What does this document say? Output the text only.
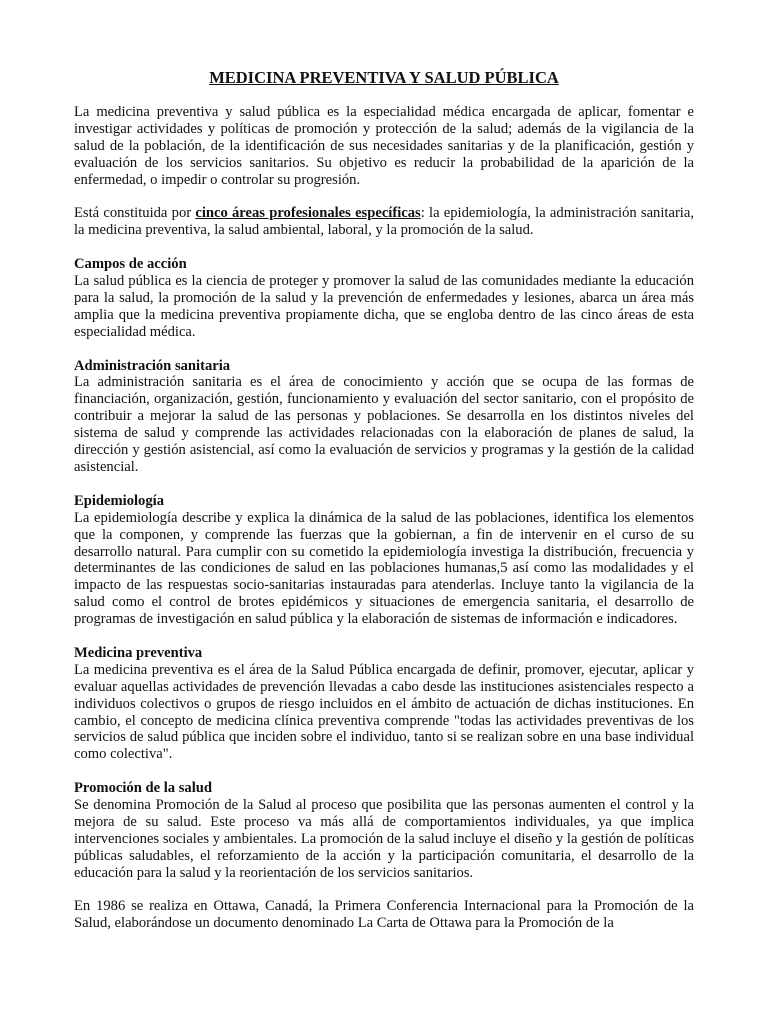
MEDICINA PREVENTIVA Y SALUD PÚBLICA

La medicina preventiva y salud pública es la especialidad médica encargada de aplicar, fomentar e investigar actividades y políticas de promoción y protección de la salud; además de la vigilancia de la salud de la población, de la identificación de sus necesidades sanitarias y de la planificación, gestión y evaluación de los servicios sanitarios. Su objetivo es reducir la probabilidad de la aparición de la enfermedad, o impedir o controlar su progresión.

Está constituida por cinco áreas profesionales específicas: la epidemiología, la administración sanitaria, la medicina preventiva, la salud ambiental, laboral, y la promoción de la salud.

Campos de acción

La salud pública es la ciencia de proteger y promover la salud de las comunidades mediante la educación para la salud, la promoción de la salud y la prevención de enfermedades y lesiones, abarca un área más amplia que la medicina preventiva propiamente dicha, que se engloba dentro de las cinco áreas de esta especialidad médica.

Administración sanitaria

La administración sanitaria es el área de conocimiento y acción que se ocupa de las formas de financiación, organización, gestión, funcionamiento y evaluación del sector sanitario, con el propósito de contribuir a mejorar la salud de las personas y poblaciones. Se desarrolla en los distintos niveles del sistema de salud y comprende las actividades relacionadas con la elaboración de planes de salud, la dirección y gestión asistencial, así como la evaluación de servicios y programas y la gestión de la calidad asistencial.

Epidemiología

La epidemiología describe y explica la dinámica de la salud de las poblaciones, identifica los elementos que la componen, y comprende las fuerzas que la gobiernan, a fin de intervenir en el curso de su desarrollo natural. Para cumplir con su cometido la epidemiología investiga la distribución, frecuencia y determinantes de las condiciones de salud en las poblaciones humanas,5 así como las modalidades y el impacto de las respuestas socio-sanitarias instauradas para atenderlas. Incluye tanto la vigilancia de la salud como el control de brotes epidémicos y situaciones de emergencia sanitaria, el desarrollo de programas de investigación en salud pública y la elaboración de sistemas de información e indicadores.

Medicina preventiva

La medicina preventiva es el área de la Salud Pública encargada de definir, promover, ejecutar, aplicar y evaluar aquellas actividades de prevención llevadas a cabo desde las instituciones asistenciales respecto a individuos colectivos o grupos de riesgo incluidos en el ámbito de actuación de dichas instituciones. En cambio, el concepto de medicina clínica preventiva comprende "todas las actividades preventivas de los servicios de salud pública que inciden sobre el individuo, tanto si se realizan sobre en una base individual como colectiva".

Promoción de la salud

Se denomina Promoción de la Salud al proceso que posibilita que las personas aumenten el control y la mejora de su salud. Este proceso va más allá de comportamientos individuales, ya que implica intervenciones sociales y ambientales. La promoción de la salud incluye el diseño y la gestión de políticas públicas saludables, el reforzamiento de la acción y la participación comunitaria, el desarrollo de la educación para la salud y la reorientación de los servicios sanitarios.

En 1986 se realiza en Ottawa, Canadá, la Primera Conferencia Internacional para la Promoción de la Salud, elaborándose un documento denominado La Carta de Ottawa para la Promoción de la
